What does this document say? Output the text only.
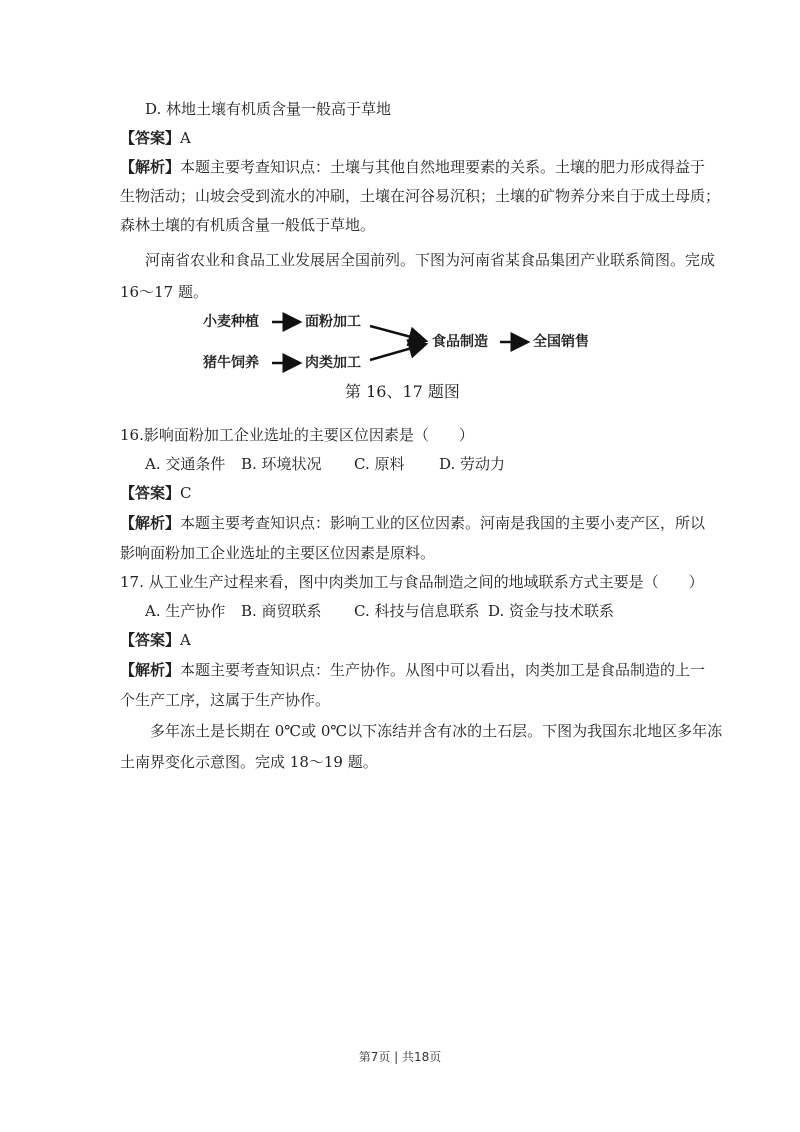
D. 林地土壤有机质含量一般高于草地
【答案】A
【解析】本题主要考查知识点：土壤与其他自然地理要素的关系。土壤的肥力形成得益于
生物活动；山坡会受到流水的冲刷，土壤在河谷易沉积；土壤的矿物养分来自于成土母质；
森林土壤的有机质含量一般低于草地。
河南省农业和食品工业发展居全国前列。下图为河南省某食品集团产业联系简图。完成
16～17 题。
小麦种植	面粉加工
猪牛饲养	肉类加工
食品制造	全国销售
第 16、17 题图
16.影响面粉加工企业选址的主要区位因素是（　　）
A. 交通条件 B. 环境状况 C. 原料 D. 劳动力
【答案】C
【解析】本题主要考查知识点：影响工业的区位因素。河南是我国的主要小麦产区，所以
影响面粉加工企业选址的主要区位因素是原料。
17. 从工业生产过程来看，图中肉类加工与食品制造之间的地域联系方式主要是（　　）
A. 生产协作 B. 商贸联系 C. 科技与信息联系 D. 资金与技术联系
【答案】A
【解析】本题主要考查知识点：生产协作。从图中可以看出，肉类加工是食品制造的上一
个生产工序，这属于生产协作。
多年冻土是长期在 0℃或 0℃以下冻结并含有冰的土石层。下图为我国东北地区多年冻
土南界变化示意图。完成 18～19 题。
第7页 | 共18页
